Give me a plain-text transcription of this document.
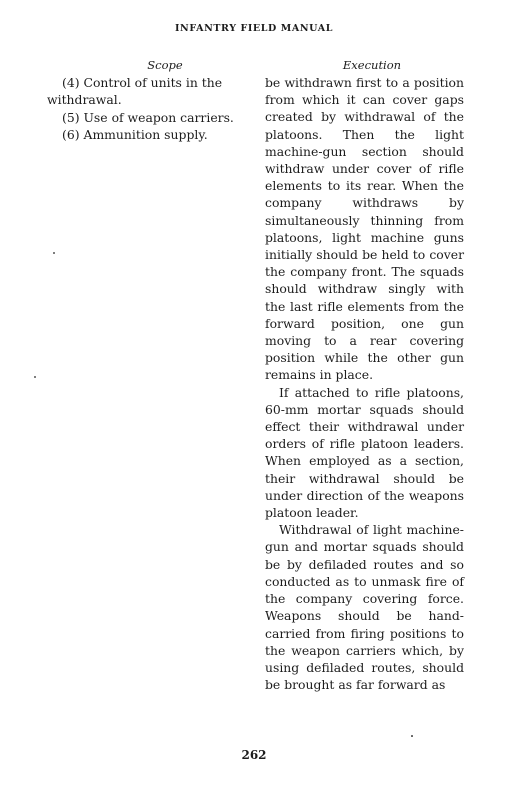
INFANTRY FIELD MANUAL
Scope	Execution

(4) Control of units in the withdrawal.

(5) Use of weapon carriers.

(6) Ammunition supply.

be withdrawn first to a position from which it can cover gaps created by withdrawal of the platoons. Then the light machine-gun section should withdraw under cover of rifle elements to its rear. When the company withdraws by simultaneously thinning from platoons, light machine guns initially should be held to cover the company front. The squads should withdraw singly with the last rifle elements from the forward position, one gun moving to a rear covering position while the other gun remains in place.

If attached to rifle platoons, 60-mm mortar squads should effect their withdrawal under orders of rifle platoon leaders. When employed as a section, their withdrawal should be under direction of the weapons platoon leader.

Withdrawal of light machine-gun and mortar squads should be by defiladed routes and so conducted as to unmask fire of the company covering force. Weapons should be hand-carried from firing positions to the weapon carriers which, by using defiladed routes, should be brought as far forward as

262
